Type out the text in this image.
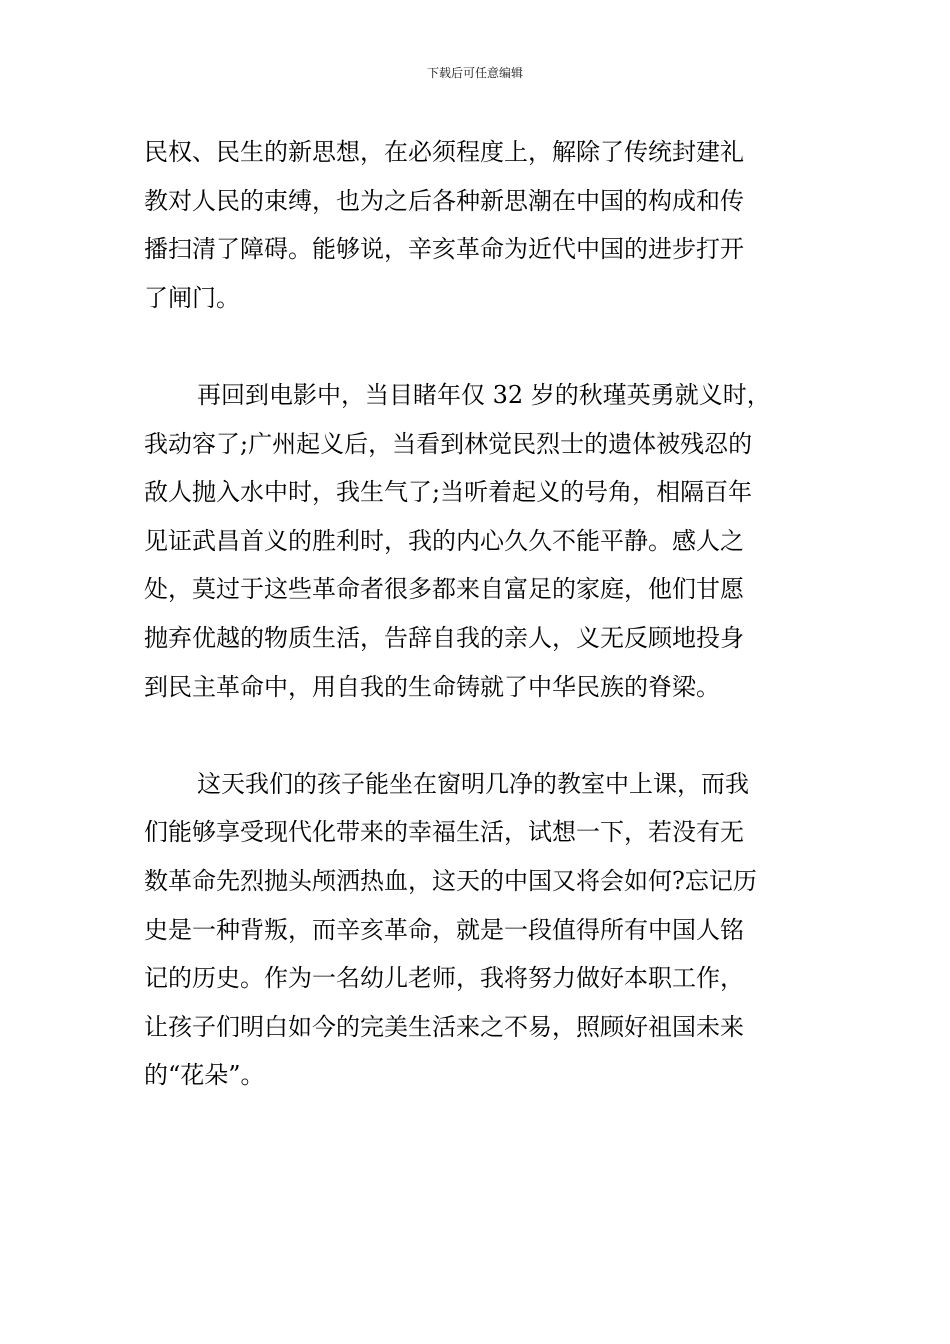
下载后可任意编辑

民权、民生的新思想，在必须程度上，解除了传统封建礼
教对人民的束缚，也为之后各种新思潮在中国的构成和传
播扫清了障碍。能够说，辛亥革命为近代中国的进步打开
了闸门。

再回到电影中，当目睹年仅 32 岁的秋瑾英勇就义时，
我动容了;广州起义后，当看到林觉民烈士的遗体被残忍的
敌人抛入水中时，我生气了;当听着起义的号角，相隔百年
见证武昌首义的胜利时，我的内心久久不能平静。感人之
处，莫过于这些革命者很多都来自富足的家庭，他们甘愿
抛弃优越的物质生活，告辞自我的亲人，义无反顾地投身
到民主革命中，用自我的生命铸就了中华民族的脊梁。

这天我们的孩子能坐在窗明几净的教室中上课，而我
们能够享受现代化带来的幸福生活，试想一下，若没有无
数革命先烈抛头颅洒热血，这天的中国又将会如何?忘记历
史是一种背叛，而辛亥革命，就是一段值得所有中国人铭
记的历史。作为一名幼儿老师，我将努力做好本职工作，
让孩子们明白如今的完美生活来之不易，照顾好祖国未来
的“花朵”。
